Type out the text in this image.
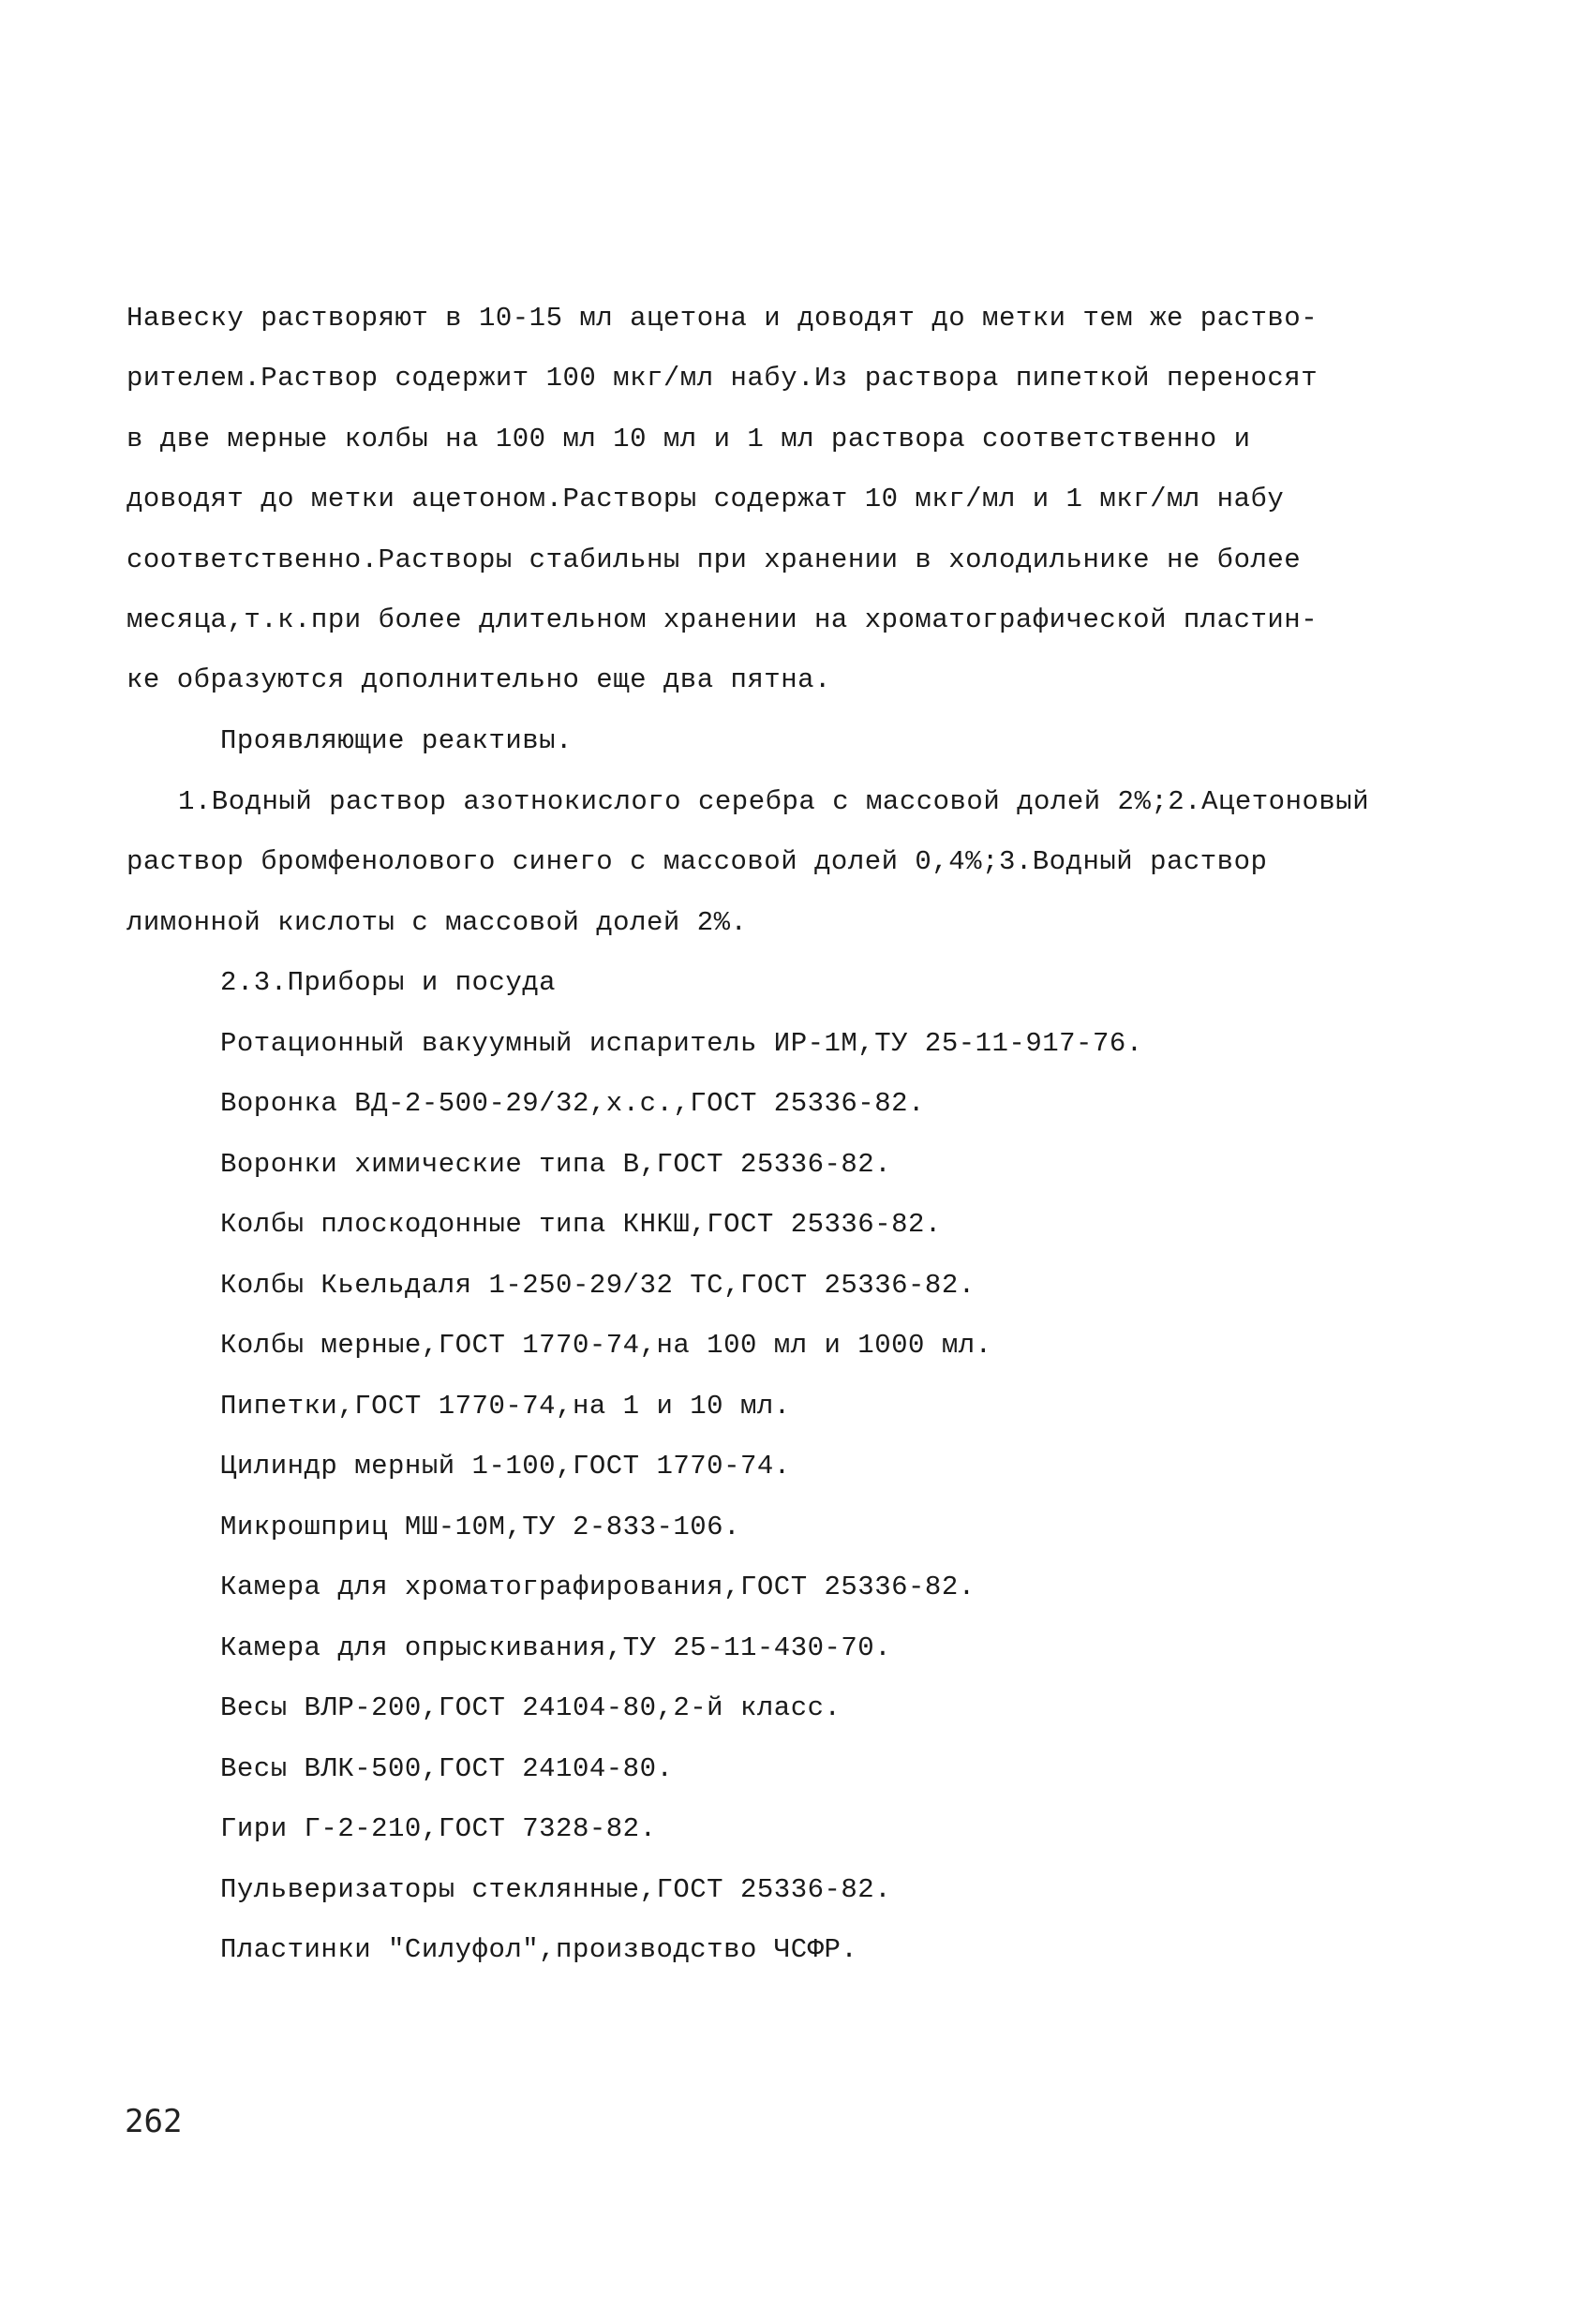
Навеску растворяют в 10-15 мл ацетона и доводят до метки тем же раство-
рителем.Раствор содержит 100 мкг/мл набу.Из раствора пипеткой переносят
в две мерные колбы на 100 мл 10 мл и 1 мл раствора соответственно и
доводят до метки ацетоном.Растворы содержат 10 мкг/мл и 1 мкг/мл набу
соответственно.Растворы стабильны при хранении в холодильнике не более
месяца,т.к.при более длительном хранении на хроматографической пластин-
ке образуются дополнительно еще два пятна.
Проявляющие реактивы.
1.Водный раствор азотнокислого серебра с массовой долей 2%;2.Ацетоновый
раствор бромфенолового синего с массовой долей 0,4%;3.Водный раствор
лимонной кислоты с массовой долей 2%.
2.3.Приборы и посуда
Ротационный вакуумный испаритель ИР-1М,ТУ 25-11-917-76.
Воронка ВД-2-500-29/32,х.с.,ГОСТ 25336-82.
Воронки химические типа В,ГОСТ 25336-82.
Колбы плоскодонные типа КНКШ,ГОСТ 25336-82.
Колбы Кьельдаля 1-250-29/32 ТС,ГОСТ 25336-82.
Колбы мерные,ГОСТ 1770-74,на 100 мл и 1000 мл.
Пипетки,ГОСТ 1770-74,на 1 и 10 мл.
Цилиндр мерный 1-100,ГОСТ 1770-74.
Микрошприц МШ-10М,ТУ 2-833-106.
Камера для хроматографирования,ГОСТ 25336-82.
Камера для опрыскивания,ТУ 25-11-430-70.
Весы ВЛР-200,ГОСТ 24104-80,2-й класс.
Весы ВЛК-500,ГОСТ 24104-80.
Гири Г-2-210,ГОСТ 7328-82.
Пульверизаторы стеклянные,ГОСТ 25336-82.
Пластинки "Силуфол",производство ЧСФР.
262
